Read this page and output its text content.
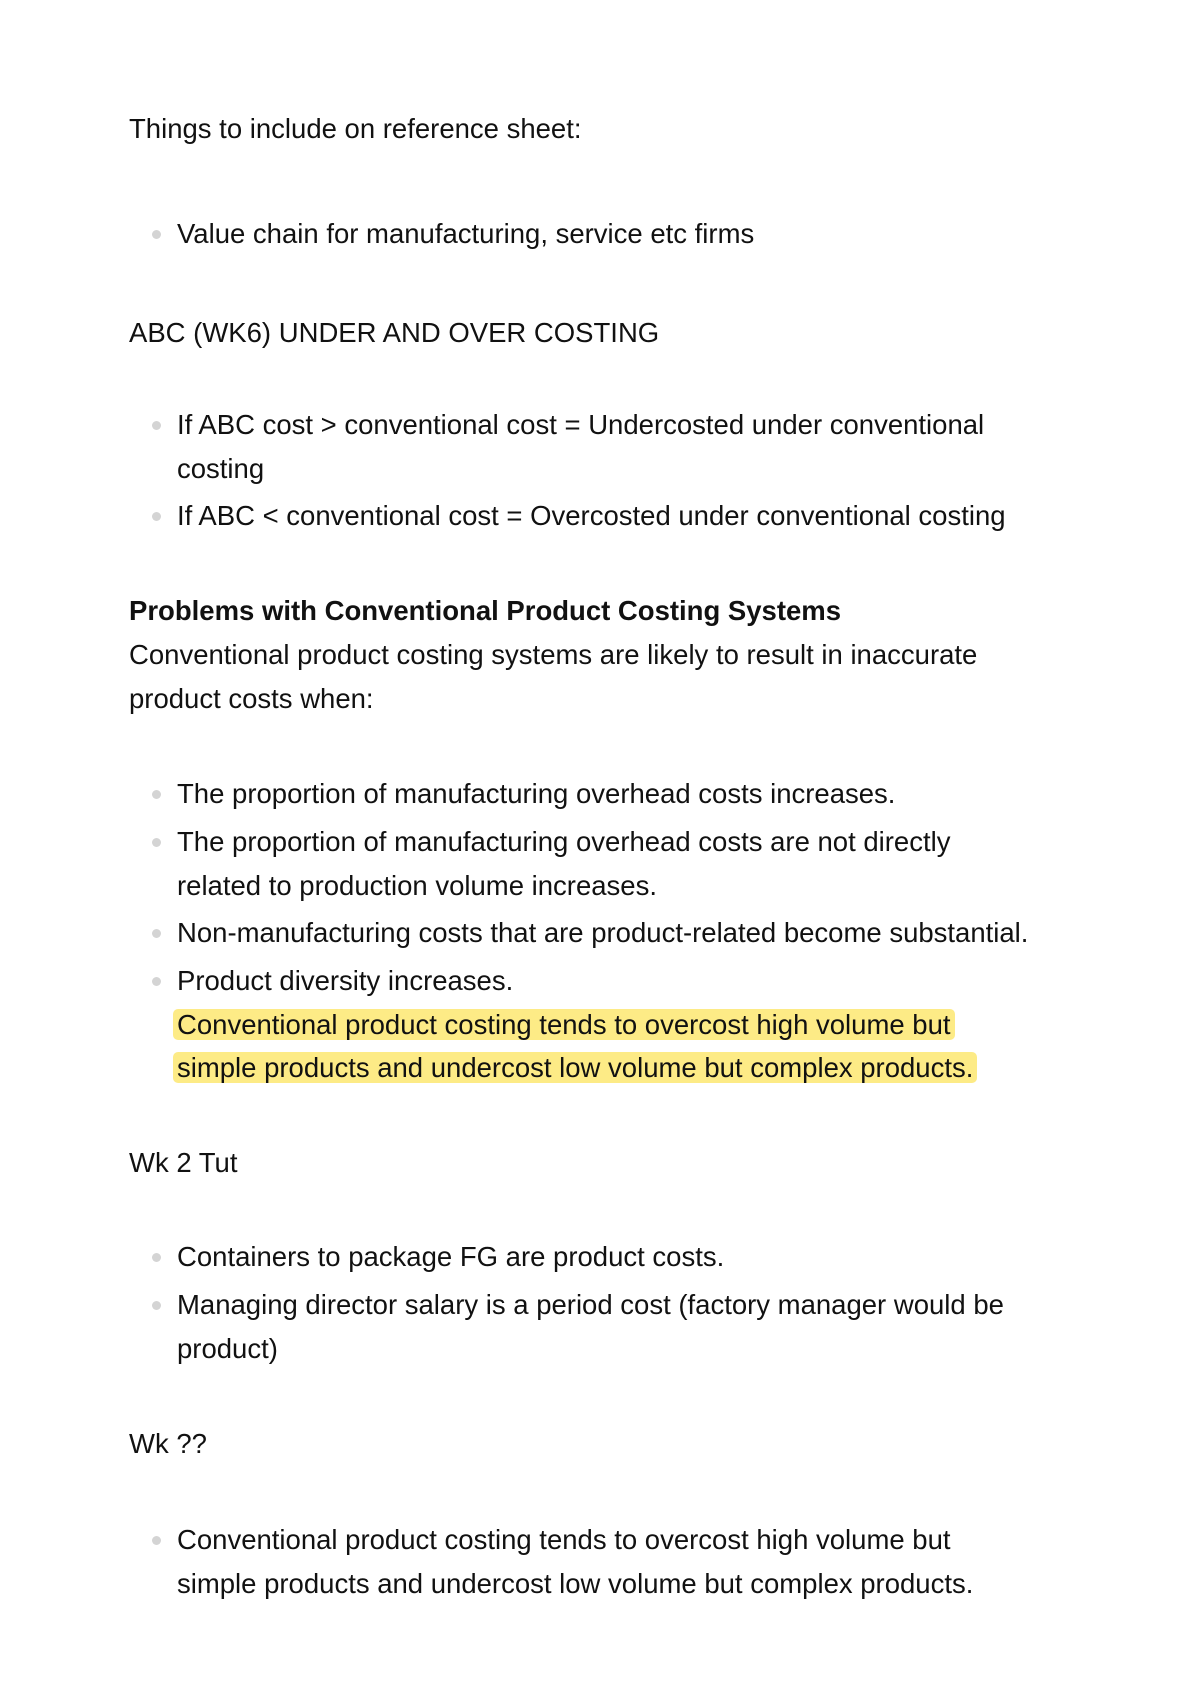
Things to include on reference sheet:

Value chain for manufacturing, service etc firms

ABC (WK6) UNDER AND OVER COSTING

If ABC cost > conventional cost = Undercosted under conventional
costing
If ABC < conventional cost = Overcosted under conventional costing

Problems with Conventional Product Costing Systems

Conventional product costing systems are likely to result in inaccurate

product costs when:

The proportion of manufacturing overhead costs increases.
The proportion of manufacturing overhead costs are not directly
related to production volume increases.
Non-manufacturing costs that are product-related become substantial.
Product diversity increases.
Conventional product costing tends to overcost high volume but
simple products and undercost low volume but complex products.

Wk 2 Tut

Containers to package FG are product costs.
Managing director salary is a period cost (factory manager would be
product)

Wk ??

Conventional product costing tends to overcost high volume but
simple products and undercost low volume but complex products.
